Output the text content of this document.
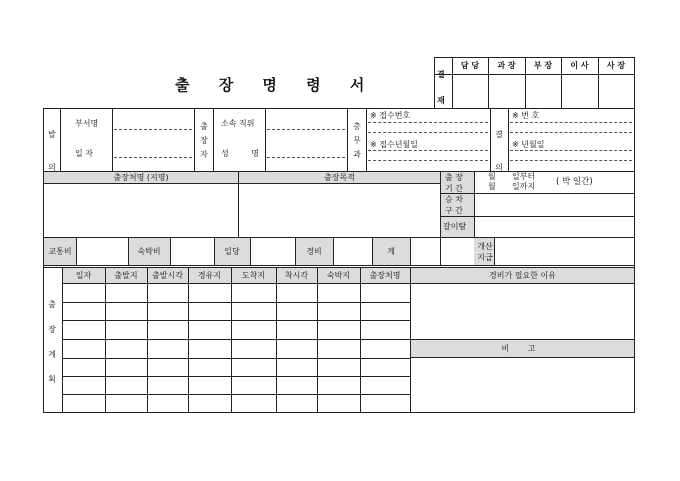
출 장 명 령 서
결 재
담 당	과 장	부 장	이 사	사 장
발 의
부서명
일 자
출 장 자
소속 직위
성 명
총 무 과
※ 접수번호
※ 접수년월일
결 의
※ 번 호
※ 년월일
출장처명 (지명)	출장목적	출 장 기 간
월 일부터
월 일까지 ( 박 일간)
승 차 구 간
갈이탐
교통비	숙박비	일당	경비	계
개산 지급
출 장 계 획
일자	출발지	출발시각	경유지	도착지	착시각	숙박지	출장처명	경비가 필요한 이유
비 고
